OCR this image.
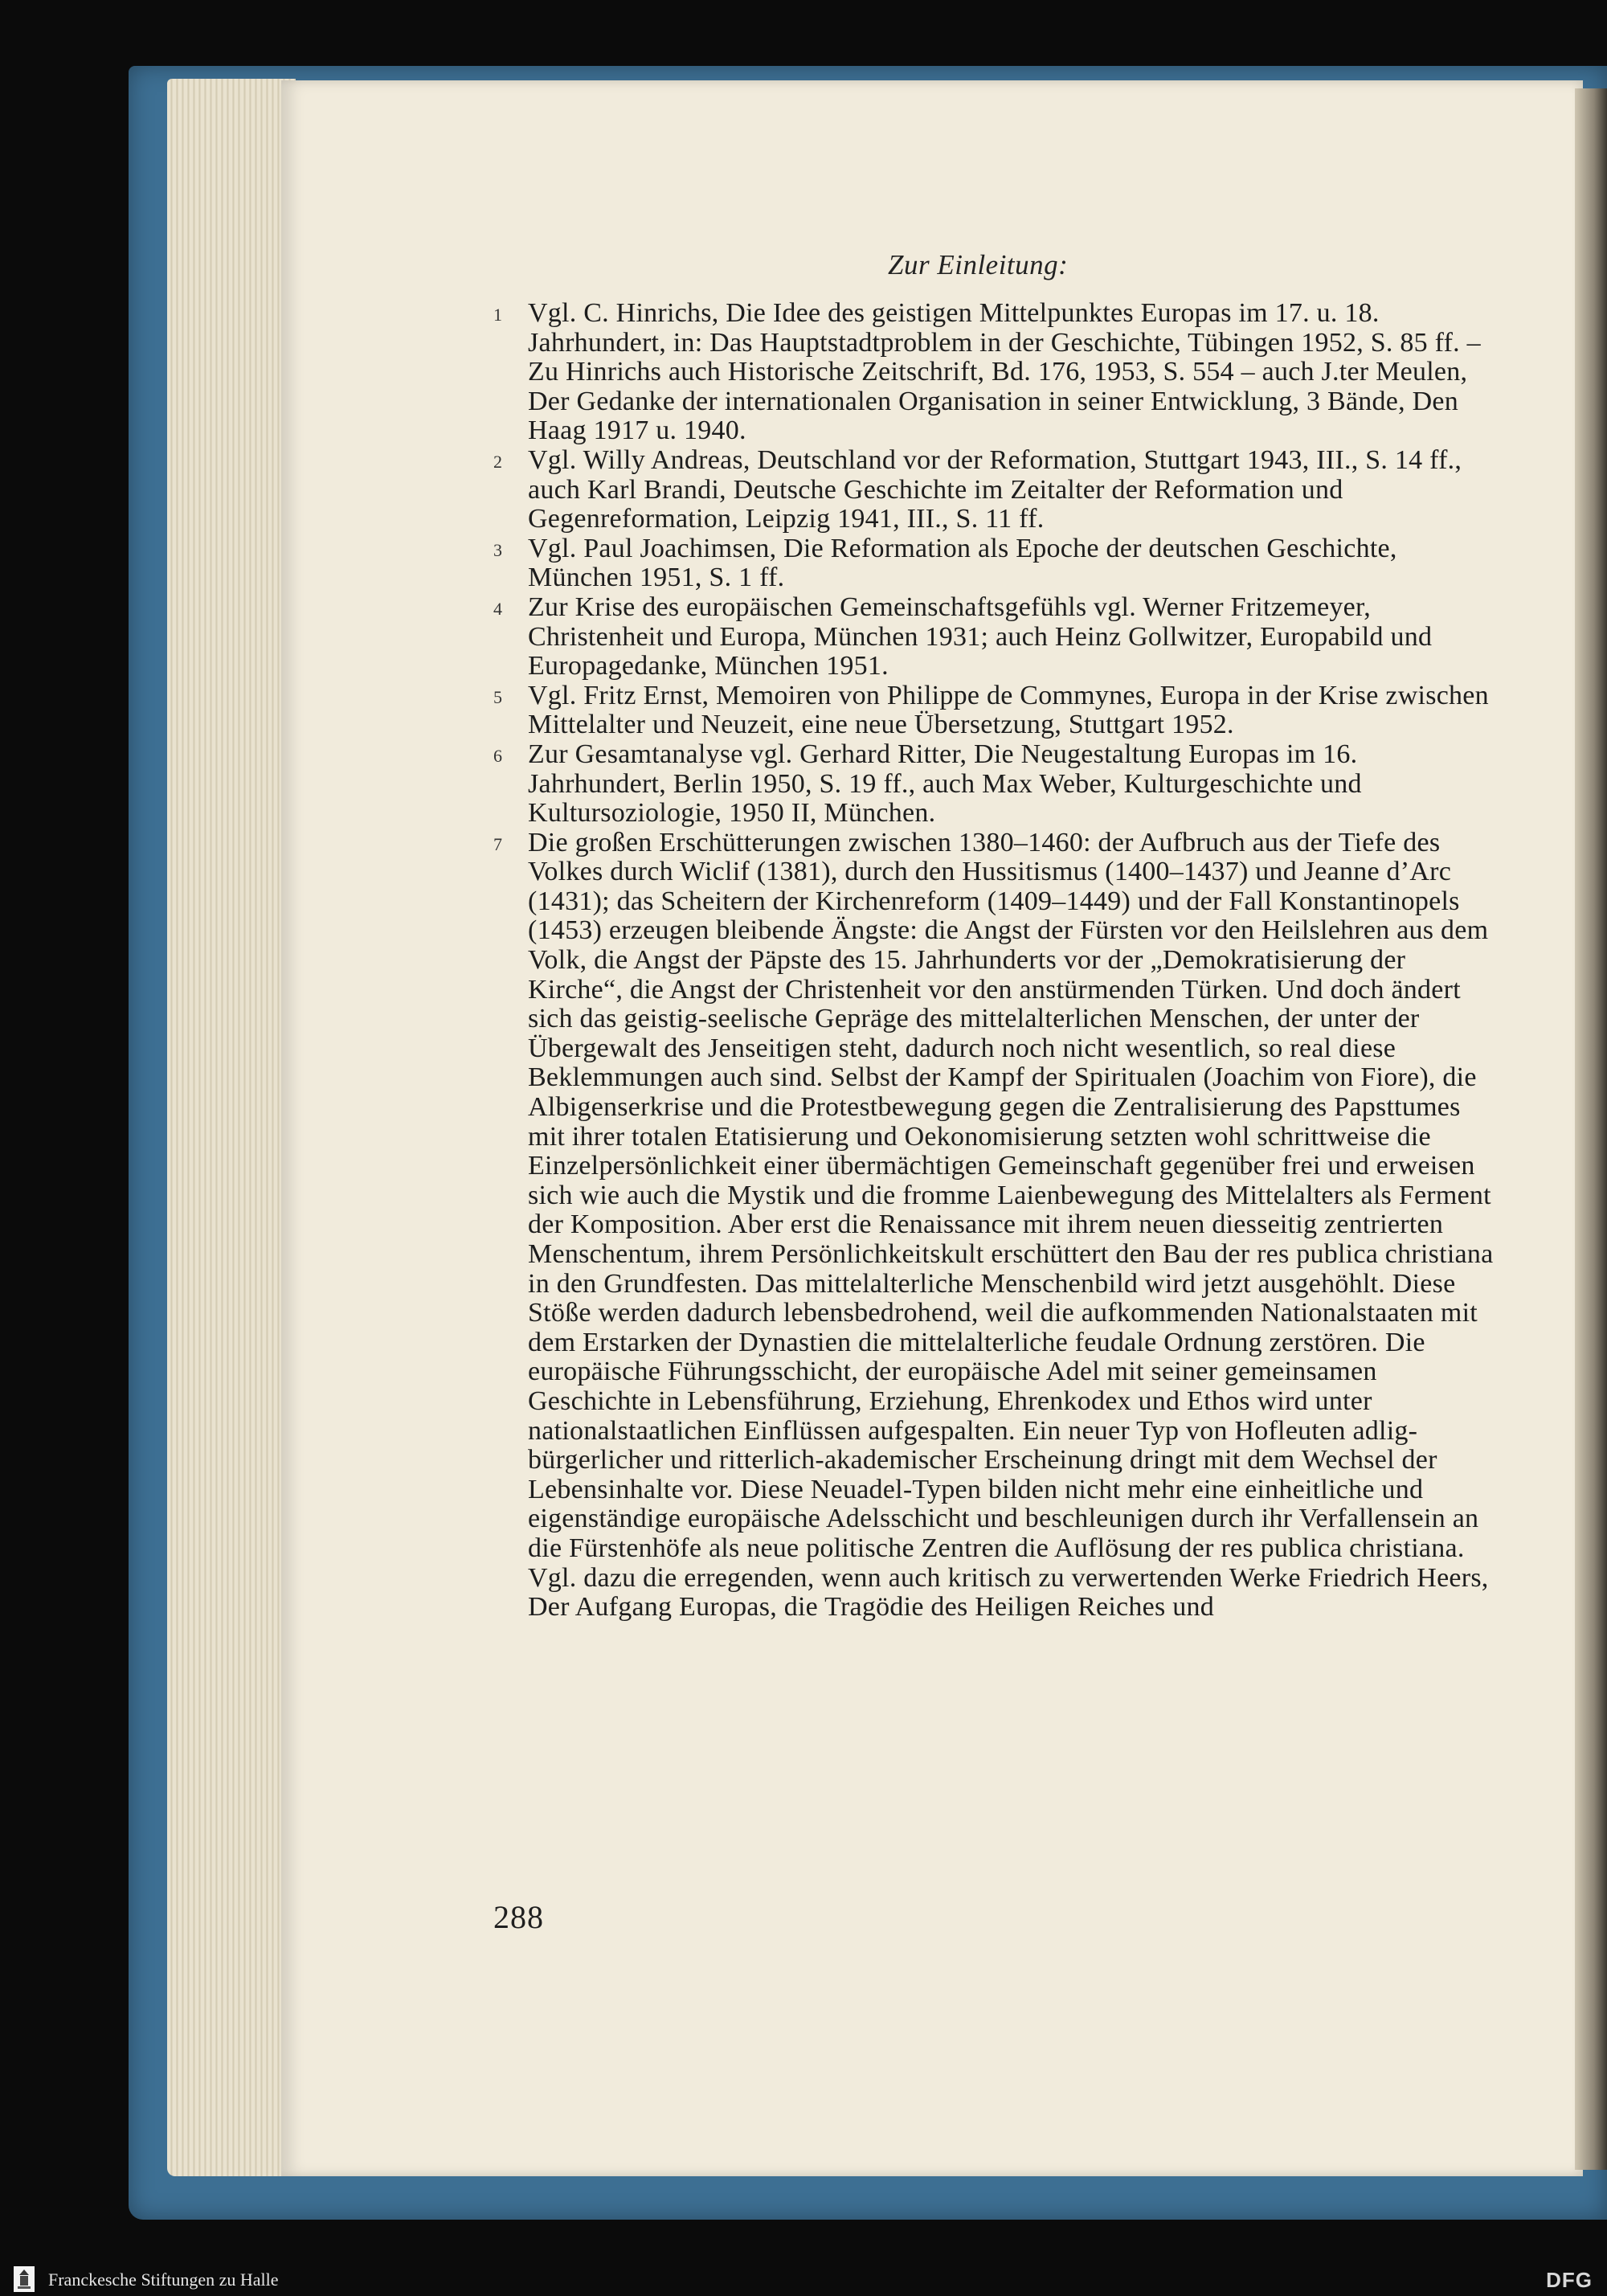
Zur Einleitung:

1 Vgl. C. Hinrichs, Die Idee des geistigen Mittelpunktes Europas im 17. u. 18. Jahrhundert, in: Das Hauptstadtproblem in der Geschichte, Tübingen 1952, S. 85 ff. – Zu Hinrichs auch Historische Zeitschrift, Bd. 176, 1953, S. 554 – auch J.ter Meulen, Der Gedanke der internationalen Organisation in seiner Entwicklung, 3 Bände, Den Haag 1917 u. 1940.

2 Vgl. Willy Andreas, Deutschland vor der Reformation, Stuttgart 1943, III., S. 14 ff., auch Karl Brandi, Deutsche Geschichte im Zeitalter der Reformation und Gegenreformation, Leipzig 1941, III., S. 11 ff.

3 Vgl. Paul Joachimsen, Die Reformation als Epoche der deutschen Geschichte, München 1951, S. 1 ff.

4 Zur Krise des europäischen Gemeinschaftsgefühls vgl. Werner Fritzemeyer, Christenheit und Europa, München 1931; auch Heinz Gollwitzer, Europabild und Europagedanke, München 1951.

5 Vgl. Fritz Ernst, Memoiren von Philippe de Commynes, Europa in der Krise zwischen Mittelalter und Neuzeit, eine neue Übersetzung, Stuttgart 1952.

6 Zur Gesamtanalyse vgl. Gerhard Ritter, Die Neugestaltung Europas im 16. Jahrhundert, Berlin 1950, S. 19 ff., auch Max Weber, Kulturgeschichte und Kultursoziologie, 1950 II, München.

7 Die großen Erschütterungen zwischen 1380–1460: der Aufbruch aus der Tiefe des Volkes durch Wiclif (1381), durch den Hussitismus (1400–1437) und Jeanne d’Arc (1431); das Scheitern der Kirchenreform (1409–1449) und der Fall Konstantinopels (1453) erzeugen bleibende Ängste: die Angst der Fürsten vor den Heilslehren aus dem Volk, die Angst der Päpste des 15. Jahrhunderts vor der „Demokratisierung der Kirche“, die Angst der Christenheit vor den anstürmenden Türken. Und doch ändert sich das geistig-seelische Gepräge des mittelalterlichen Menschen, der unter der Übergewalt des Jenseitigen steht, dadurch noch nicht wesentlich, so real diese Beklemmungen auch sind. Selbst der Kampf der Spiritualen (Joachim von Fiore), die Albigenserkrise und die Protestbewegung gegen die Zentralisierung des Papsttumes mit ihrer totalen Etatisierung und Oekonomisierung setzten wohl schrittweise die Einzelpersönlichkeit einer übermächtigen Gemeinschaft gegenüber frei und erweisen sich wie auch die Mystik und die fromme Laienbewegung des Mittelalters als Ferment der Komposition. Aber erst die Renaissance mit ihrem neuen diesseitig zentrierten Menschentum, ihrem Persönlichkeitskult erschüttert den Bau der res publica christiana in den Grundfesten. Das mittelalterliche Menschenbild wird jetzt ausgehöhlt. Diese Stöße werden dadurch lebensbedrohend, weil die aufkommenden Nationalstaaten mit dem Erstarken der Dynastien die mittelalterliche feudale Ordnung zerstören. Die europäische Führungsschicht, der europäische Adel mit seiner gemeinsamen Geschichte in Lebensführung, Erziehung, Ehrenkodex und Ethos wird unter nationalstaatlichen Einflüssen aufgespalten. Ein neuer Typ von Hofleuten adlig-bürgerlicher und ritterlich-akademischer Erscheinung dringt mit dem Wechsel der Lebensinhalte vor. Diese Neuadel-Typen bilden nicht mehr eine einheitliche und eigenständige europäische Adelsschicht und beschleunigen durch ihr Verfallensein an die Fürstenhöfe als neue politische Zentren die Auflösung der res publica christiana. Vgl. dazu die erregenden, wenn auch kritisch zu verwertenden Werke Friedrich Heers, Der Aufgang Europas, die Tragödie des Heiligen Reiches und

288
Franckesche Stiftungen zu Halle	DFG
